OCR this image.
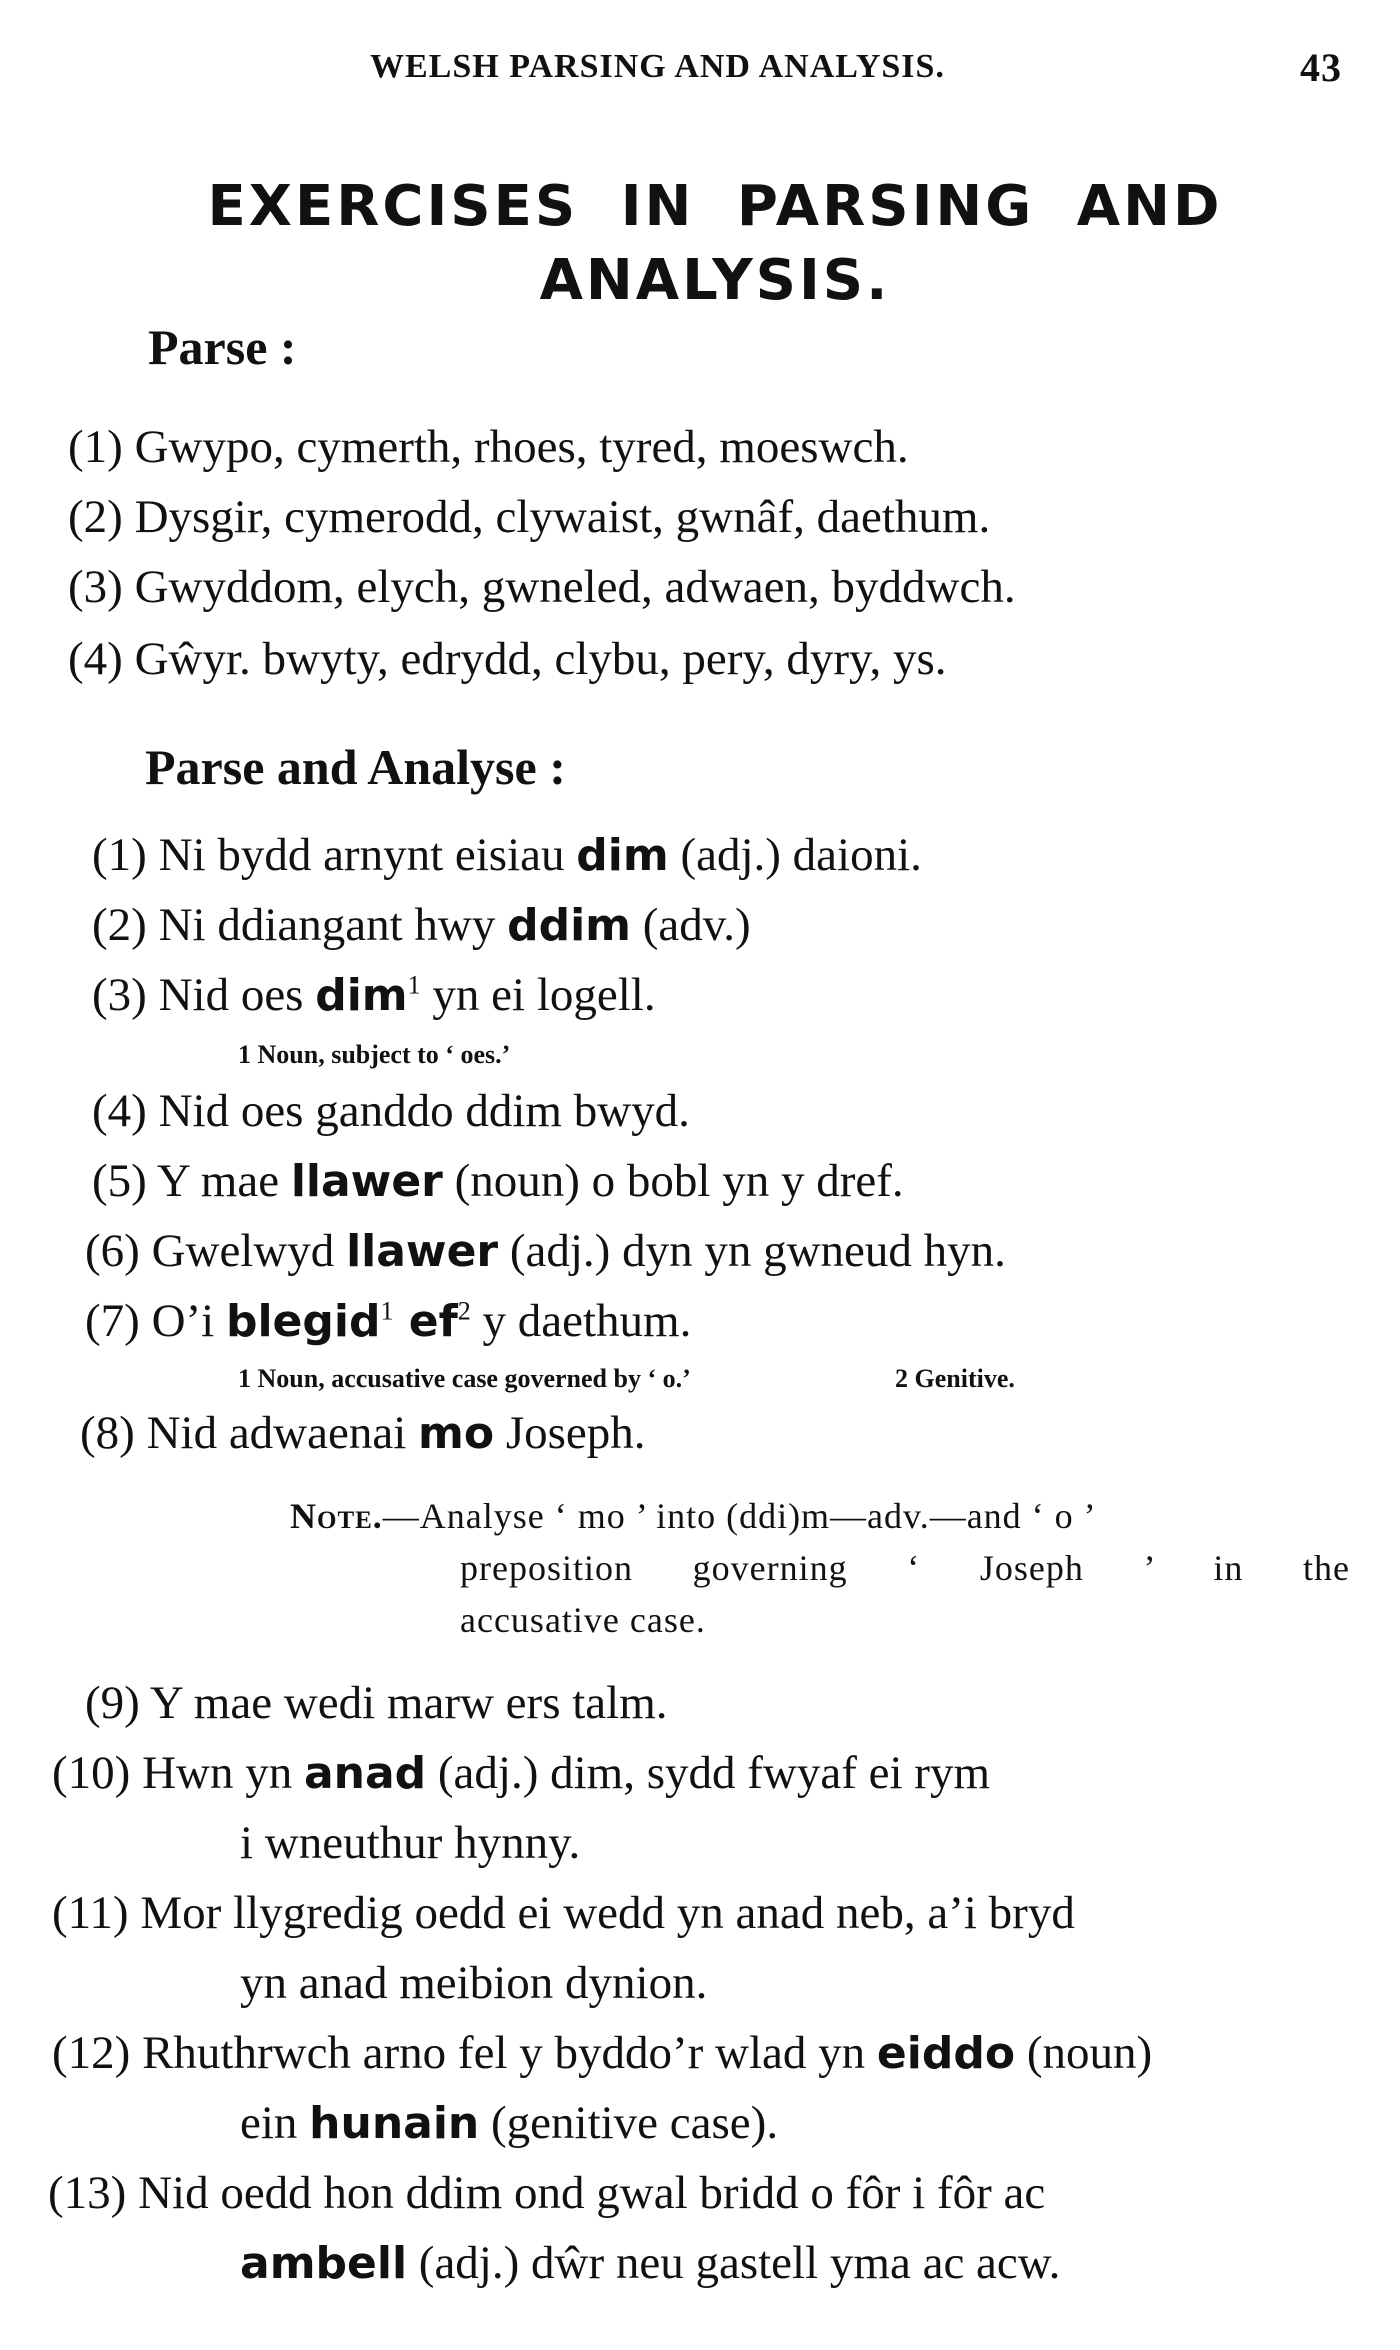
WELSH PARSING AND ANALYSIS.	43
EXERCISES IN PARSING AND ANALYSIS.
Parse :
(1) Gwypo, cymerth, rhoes, tyred, moeswch.
(2) Dysgir, cymerodd, clywaist, gwnâf, daethum.
(3) Gwyddom, elych, gwneled, adwaen, byddwch.
(4) Gŵyr. bwyty, edrydd, clybu, pery, dyry, ys.
Parse and Analyse :
(1) Ni bydd arnynt eisiau dim (adj.) daioni.
(2) Ni ddiangant hwy ddim (adv.)
(3) Nid oes dim$^1$ yn ei logell.
1 Noun, subject to ‘ oes.’
(4) Nid oes ganddo ddim bwyd.
(5) Y mae llawer (noun) o bobl yn y dref.
(6) Gwelwyd llawer (adj.) dyn yn gwneud hyn.
(7) O’i blegid$^1$ $ef^2$ y daethum.
1 Noun, accusative case governed by ‘ o.’	2 Genitive.
(8) Nid adwaenai mo Joseph.
Note.—Analyse ‘ mo ’ into (ddi)m—adv.—and ‘ o ’
preposition governing ‘ Joseph ’ in the
accusative case.
(9) Y mae wedi marw ers talm.
(10) Hwn yn anad (adj.) dim, sydd fwyaf ei rym
i wneuthur hynny.
(11) Mor llygredig oedd ei wedd yn anad neb, a’i bryd
yn anad meibion dynion.
(12) Rhuthrwch arno fel y byddo’r wlad yn eiddo (noun)
ein hunain (genitive case).
(13) Nid oedd hon ddim ond gwal bridd o fôr i fôr ac
ambell (adj.) dŵr neu gastell yma ac acw.
